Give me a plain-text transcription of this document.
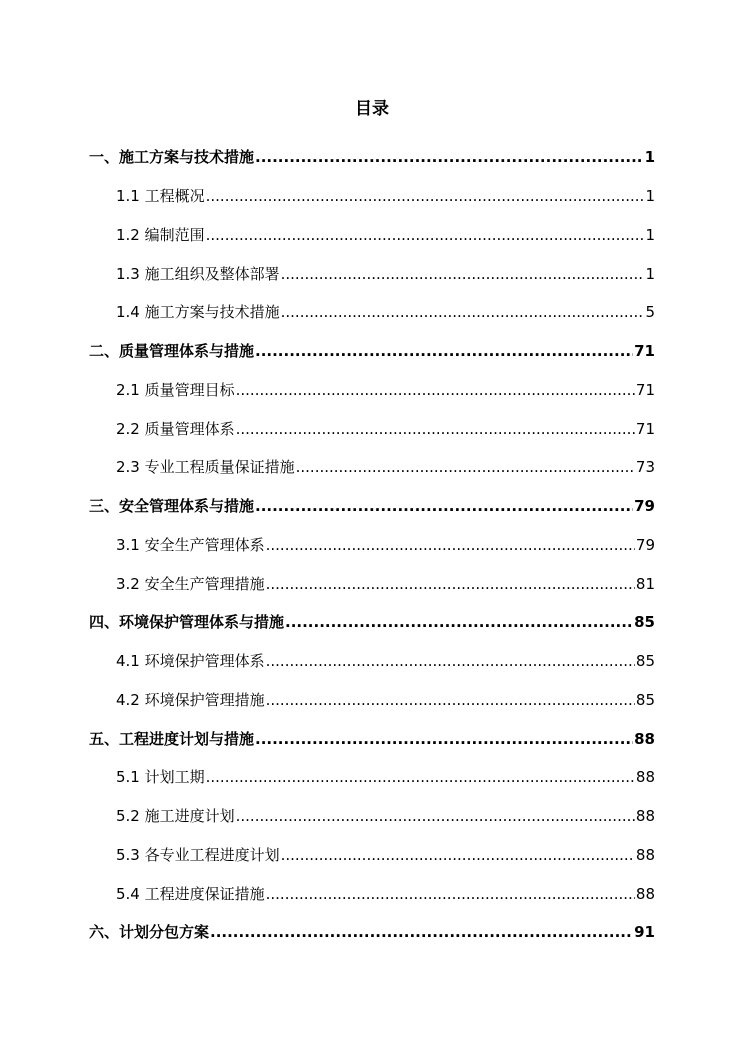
目录
一、施工方案与技术措施 .....	1
1.1 工程概况 .....	1
1.2 编制范围 .....	1
1.3 施工组织及整体部署 .....	1
1.4 施工方案与技术措施 .....	5
二、质量管理体系与措施 .....	71
2.1 质量管理目标 .....	71
2.2 质量管理体系 .....	71
2.3 专业工程质量保证措施 .....	73
三、安全管理体系与措施 .....	79
3.1 安全生产管理体系 .....	79
3.2 安全生产管理措施 .....	81
四、环境保护管理体系与措施 .....	85
4.1 环境保护管理体系 .....	85
4.2 环境保护管理措施 .....	85
五、工程进度计划与措施 .....	88
5.1 计划工期 .....	88
5.2 施工进度计划 .....	88
5.3 各专业工程进度计划 .....	88
5.4 工程进度保证措施 .....	88
六、计划分包方案 .....	91
